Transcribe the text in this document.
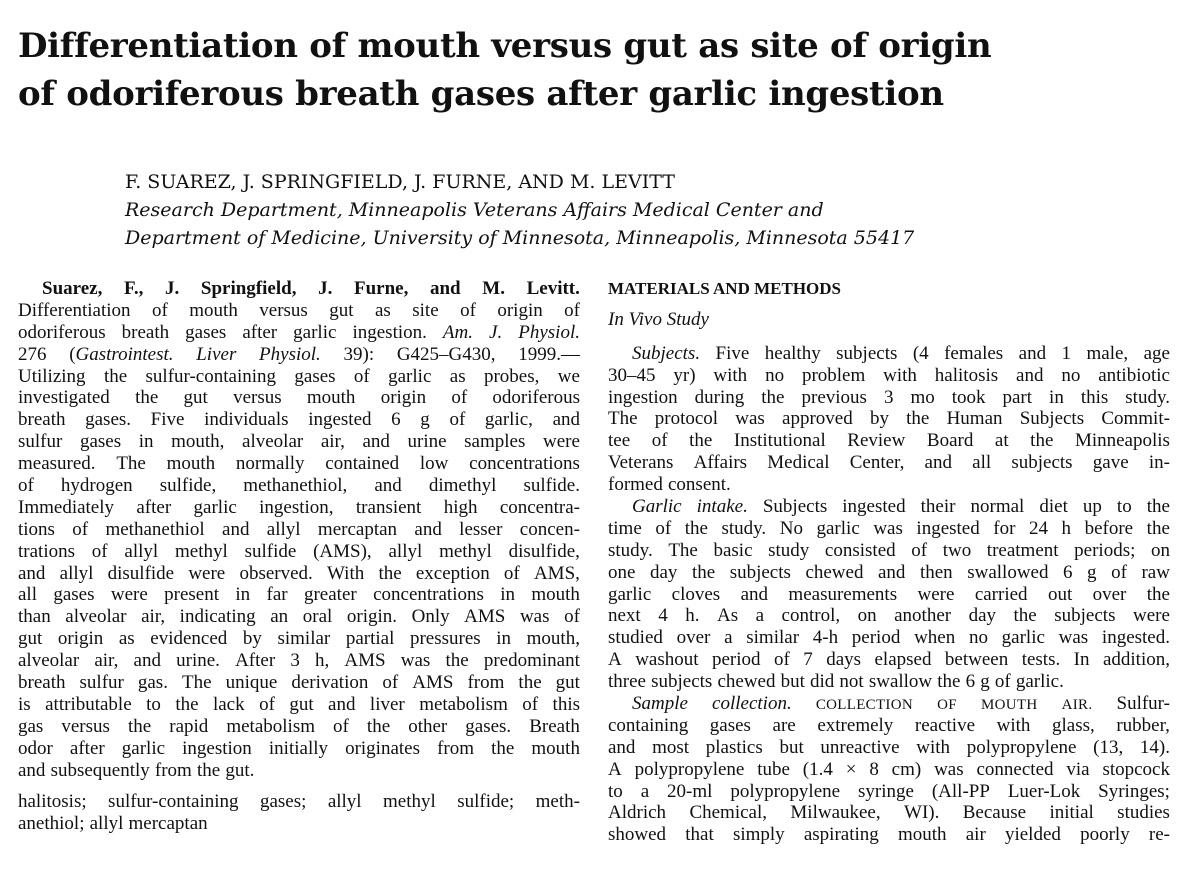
Differentiation of mouth versus gut as site of origin
of odoriferous breath gases after garlic ingestion
F. SUAREZ, J. SPRINGFIELD, J. FURNE, AND M. LEVITT
Research Department, Minneapolis Veterans Affairs Medical Center and
Department of Medicine, University of Minnesota, Minneapolis, Minnesota 55417
Suarez, F., J. Springfield, J. Furne, and M. Levitt.
Differentiation of mouth versus gut as site of origin of
odoriferous breath gases after garlic ingestion. Am. J. Physiol.
276 (Gastrointest. Liver Physiol. 39): G425–G430, 1999.—
Utilizing the sulfur-containing gases of garlic as probes, we
investigated the gut versus mouth origin of odoriferous
breath gases. Five individuals ingested 6 g of garlic, and
sulfur gases in mouth, alveolar air, and urine samples were
measured. The mouth normally contained low concentrations
of hydrogen sulfide, methanethiol, and dimethyl sulfide.
Immediately after garlic ingestion, transient high concentra-
tions of methanethiol and allyl mercaptan and lesser concen-
trations of allyl methyl sulfide (AMS), allyl methyl disulfide,
and allyl disulfide were observed. With the exception of AMS,
all gases were present in far greater concentrations in mouth
than alveolar air, indicating an oral origin. Only AMS was of
gut origin as evidenced by similar partial pressures in mouth,
alveolar air, and urine. After 3 h, AMS was the predominant
breath sulfur gas. The unique derivation of AMS from the gut
is attributable to the lack of gut and liver metabolism of this
gas versus the rapid metabolism of the other gases. Breath
odor after garlic ingestion initially originates from the mouth
and subsequently from the gut.
halitosis; sulfur-containing gases; allyl methyl sulfide; meth-
anethiol; allyl mercaptan
MATERIALS AND METHODS
In Vivo Study
Subjects. Five healthy subjects (4 females and 1 male, age
30–45 yr) with no problem with halitosis and no antibiotic
ingestion during the previous 3 mo took part in this study.
The protocol was approved by the Human Subjects Commit-
tee of the Institutional Review Board at the Minneapolis
Veterans Affairs Medical Center, and all subjects gave in-
formed consent.
Garlic intake. Subjects ingested their normal diet up to the
time of the study. No garlic was ingested for 24 h before the
study. The basic study consisted of two treatment periods; on
one day the subjects chewed and then swallowed 6 g of raw
garlic cloves and measurements were carried out over the
next 4 h. As a control, on another day the subjects were
studied over a similar 4-h period when no garlic was ingested.
A washout period of 7 days elapsed between tests. In addition,
three subjects chewed but did not swallow the 6 g of garlic.
Sample collection. COLLECTION OF MOUTH AIR. Sulfur-
containing gases are extremely reactive with glass, rubber,
and most plastics but unreactive with polypropylene (13, 14).
A polypropylene tube (1.4 × 8 cm) was connected via stopcock
to a 20-ml polypropylene syringe (All-PP Luer-Lok Syringes;
Aldrich Chemical, Milwaukee, WI). Because initial studies
showed that simply aspirating mouth air yielded poorly re-
